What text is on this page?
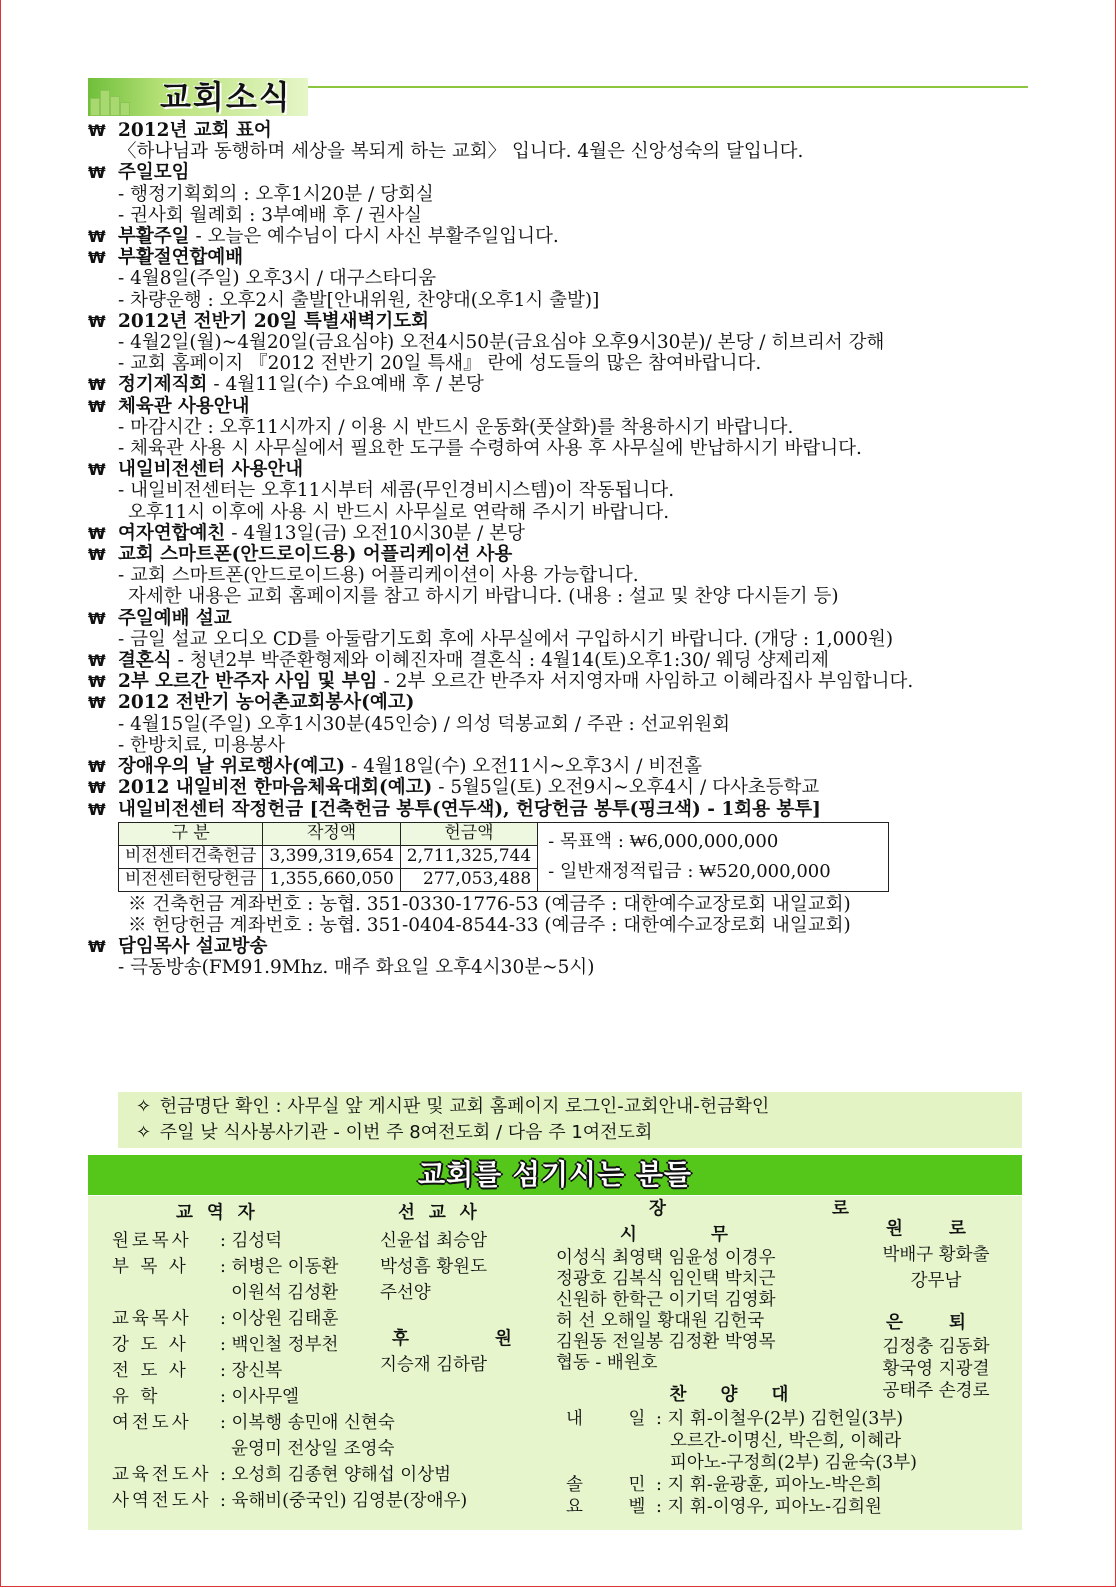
교회소식
₩ 2012년 교회 표어
〈하나님과 동행하며 세상을 복되게 하는 교회〉 입니다. 4월은 신앙성숙의 달입니다.
₩ 주일모임
- 행정기획회의 : 오후1시20분 / 당회실
- 권사회 월례회 : 3부예배 후 / 권사실
₩ 부활주일 - 오늘은 예수님이 다시 사신 부활주일입니다.
₩ 부활절연합예배
- 4월8일(주일) 오후3시 / 대구스타디움
- 차량운행 : 오후2시 출발[안내위원, 찬양대(오후1시 출발)]
₩ 2012년 전반기 20일 특별새벽기도회
- 4월2일(월)~4월20일(금요심야) 오전4시50분(금요심야 오후9시30분)/ 본당 / 히브리서 강해
- 교회 홈페이지 『2012 전반기 20일 특새』 란에 성도들의 많은 참여바랍니다.
₩ 정기제직회 - 4월11일(수) 수요예배 후 / 본당
₩ 체육관 사용안내
- 마감시간 : 오후11시까지 / 이용 시 반드시 운동화(풋살화)를 착용하시기 바랍니다.
- 체육관 사용 시 사무실에서 필요한 도구를 수령하여 사용 후 사무실에 반납하시기 바랍니다.
₩ 내일비전센터 사용안내
- 내일비전센터는 오후11시부터 세콤(무인경비시스템)이 작동됩니다.
오후11시 이후에 사용 시 반드시 사무실로 연락해 주시기 바랍니다.
₩ 여자연합예친 - 4월13일(금) 오전10시30분 / 본당
₩ 교회 스마트폰(안드로이드용) 어플리케이션 사용
- 교회 스마트폰(안드로이드용) 어플리케이션이 사용 가능합니다.
자세한 내용은 교회 홈페이지를 참고 하시기 바랍니다. (내용 : 설교 및 찬양 다시듣기 등)
₩ 주일예배 설교
- 금일 설교 오디오 CD를 아둘람기도회 후에 사무실에서 구입하시기 바랍니다. (개당 : 1,000원)
₩ 결혼식 - 청년2부 박준환형제와 이혜진자매 결혼식 : 4월14(토)오후1:30/ 웨딩 샹제리제
₩ 2부 오르간 반주자 사임 및 부임 - 2부 오르간 반주자 서지영자매 사임하고 이혜라집사 부임합니다.
₩ 2012 전반기 농어촌교회봉사(예고)
- 4월15일(주일) 오후1시30분(45인승) / 의성 덕봉교회 / 주관 : 선교위원회
- 한방치료, 미용봉사
₩ 장애우의 날 위로행사(예고) - 4월18일(수) 오전11시~오후3시 / 비전홀
₩ 2012 내일비전 한마음체육대회(예고) - 5월5일(토) 오전9시~오후4시 / 다사초등학교
₩ 내일비전센터 작정헌금 [건축헌금 봉투(연두색), 헌당헌금 봉투(핑크색) - 1회용 봉투]
구 분	작정액	헌금액
비전센터건축헌금	3,399,319,654	2,711,325,744
비전센터헌당헌금	1,355,660,050	277,053,488
- 목표액 : ₩6,000,000,000
- 일반재정적립금 : ₩520,000,000
※ 건축헌금 계좌번호 : 농협. 351-0330-1776-53 (예금주 : 대한예수교장로회 내일교회)
※ 헌당헌금 계좌번호 : 농협. 351-0404-8544-33 (예금주 : 대한예수교장로회 내일교회)
₩ 담임목사 설교방송
- 극동방송(FM91.9Mhz. 매주 화요일 오후4시30분~5시)
✧ 헌금명단 확인 : 사무실 앞 게시판 및 교회 홈페이지 로그인-교회안내-헌금확인
✧ 주일 낮 식사봉사기관 - 이번 주 8여전도회 / 다음 주 1여전도회
교회를 섬기시는 분들
교역자
원로목사 : 김성덕
부 목 사 : 허병은 이동환
이원석 김성환
교육목사 : 이상원 김태훈
강 도 사 : 백인철 정부천
전 도 사 : 장신복
유 학	: 이사무엘
여전도사 : 이복행 송민애 신현숙
윤영미 전상일 조영숙
교육전도사 : 오성희 김종현 양해섭 이상범
사역전도사 : 육해비(중국인) 김영분(장애우)
선교사
신윤섭 최승암
박성흠 황원도
주선양
후 원
지승재 김하람
장 로
시 무
이성식 최영택 임윤성 이경우
정광호 김복식 임인택 박치근
신원하 한학근 이기덕 김영화
허 선 오해일 황대원 김헌국
김원동 전일봉 김정환 박영목
협동 - 배원호
원 로
박배구 황화출
강무남
은 퇴
김정충 김동화
황국영 지광결
공태주 손경로
찬 양 대
내 일: 지 휘-이철우(2부) 김헌일(3부)
오르간-이명신, 박은희, 이혜라
피아노-구정희(2부) 김윤숙(3부)
솔 민: 지 휘-윤광훈, 피아노-박은희
요 벨: 지 휘-이영우, 피아노-김희원
